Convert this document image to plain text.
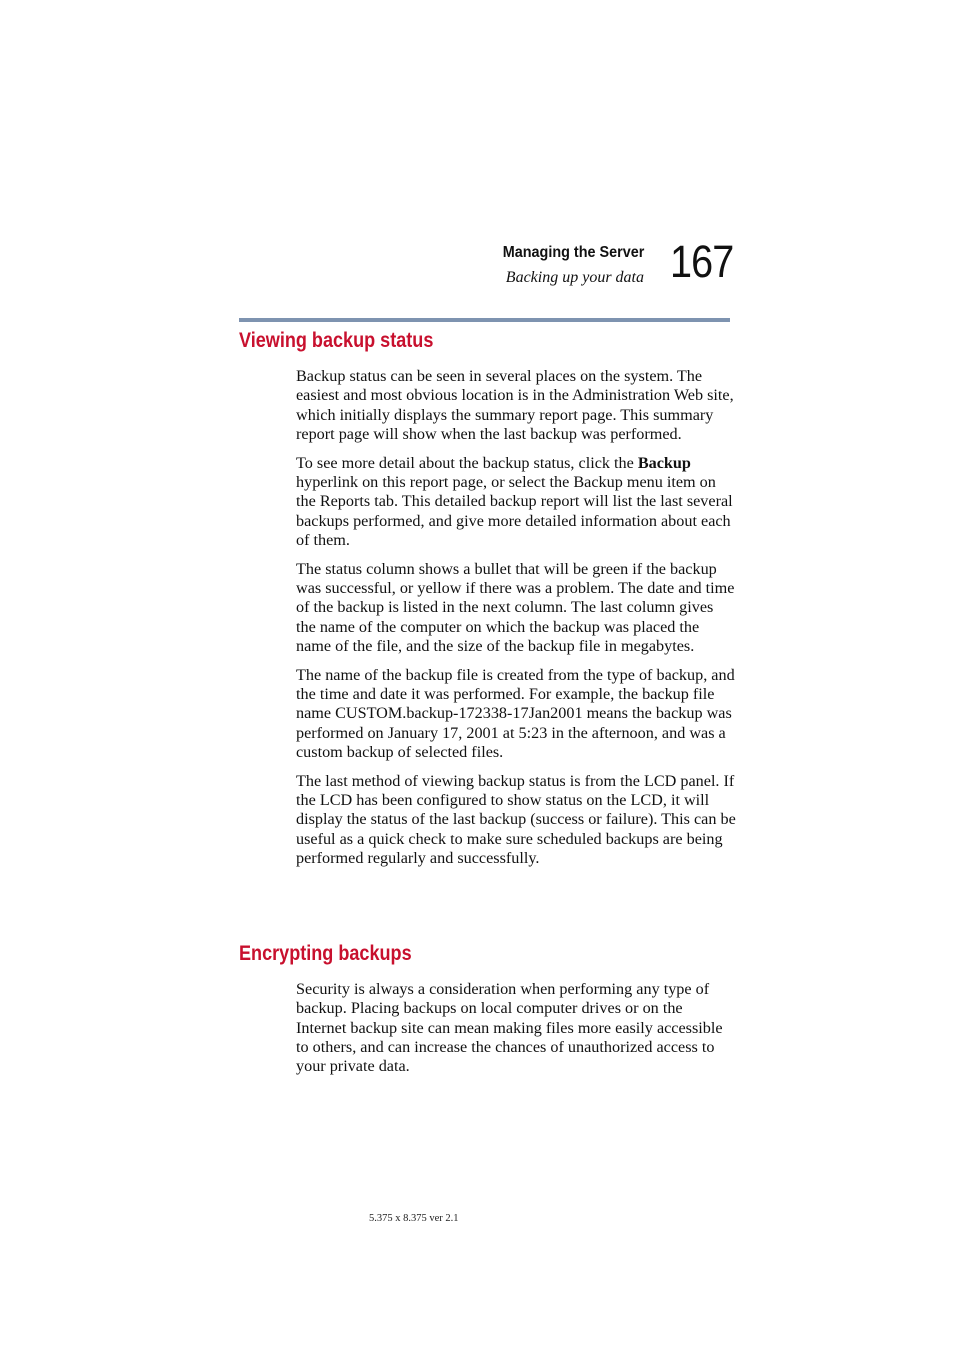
Managing the Server
Backing up your data 167
Viewing backup status

Backup status can be seen in several places on the system. The easiest and most obvious location is in the Administration Web site, which initially displays the summary report page. This summary report page will show when the last backup was performed.

To see more detail about the backup status, click the Backup hyperlink on this report page, or select the Backup menu item on the Reports tab. This detailed backup report will list the last several backups performed, and give more detailed information about each of them.

The status column shows a bullet that will be green if the backup was successful, or yellow if there was a problem. The date and time of the backup is listed in the next column. The last column gives the name of the computer on which the backup was placed the name of the file, and the size of the backup file in megabytes.

The name of the backup file is created from the type of backup, and the time and date it was performed. For example, the backup file name CUSTOM.backup-172338-17Jan2001 means the backup was performed on January 17, 2001 at 5:23 in the afternoon, and was a custom backup of selected files.

The last method of viewing backup status is from the LCD panel. If the LCD has been configured to show status on the LCD, it will display the status of the last backup (success or failure). This can be useful as a quick check to make sure scheduled backups are being performed regularly and successfully.

Encrypting backups

Security is always a consideration when performing any type of backup. Placing backups on local computer drives or on the Internet backup site can mean making files more easily accessible to others, and can increase the chances of unauthorized access to your private data.

5.375 x 8.375 ver 2.1
